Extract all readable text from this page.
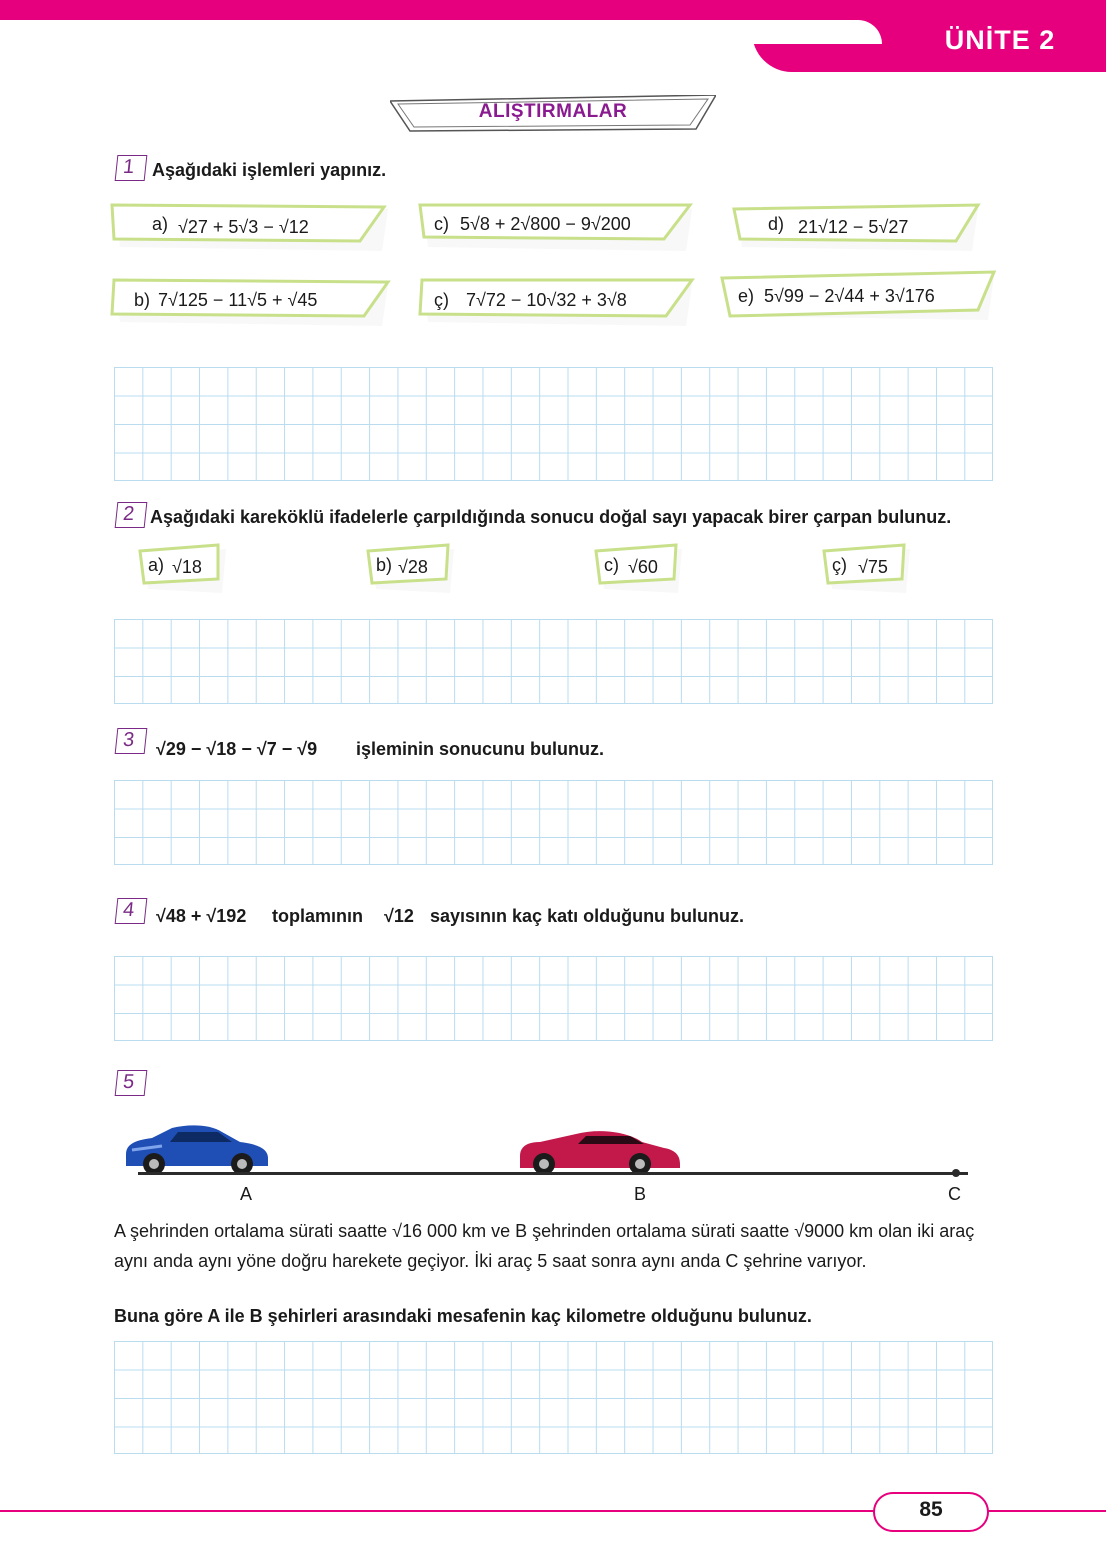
ÜNİTE 2
ALIŞTIRMALAR
1 Aşağıdaki işlemleri yapınız.
a) √27 + 5√3 − √12	c) 5√8 + 2√800 − 9√200	d) 21√12 − 5√27
b) 7√125 − 11√5 + √45	ç) 7√72 − 10√32 + 3√8	e) 5√99 − 2√44 + 3√176
2 Aşağıdaki kareköklü ifadelerle çarpıldığında sonucu doğal sayı yapacak birer çarpan bulunuz.
a) √18	b) √28	c) √60	ç) √75
3	√29 − √18 − √7 − √9 işleminin sonucunu bulunuz.
4	√48 + √192 toplamının √12 sayısının kaç katı olduğunu bulunuz.
5
A	B	C
A şehrinden ortalama sürati saatte √16 000 km ve B şehrinden ortalama sürati saatte √9000 km olan iki araç aynı anda aynı yöne doğru harekete geçiyor. İki araç 5 saat sonra aynı anda C şehrine varıyor.
Buna göre A ile B şehirleri arasındaki mesafenin kaç kilometre olduğunu bulunuz.
85
